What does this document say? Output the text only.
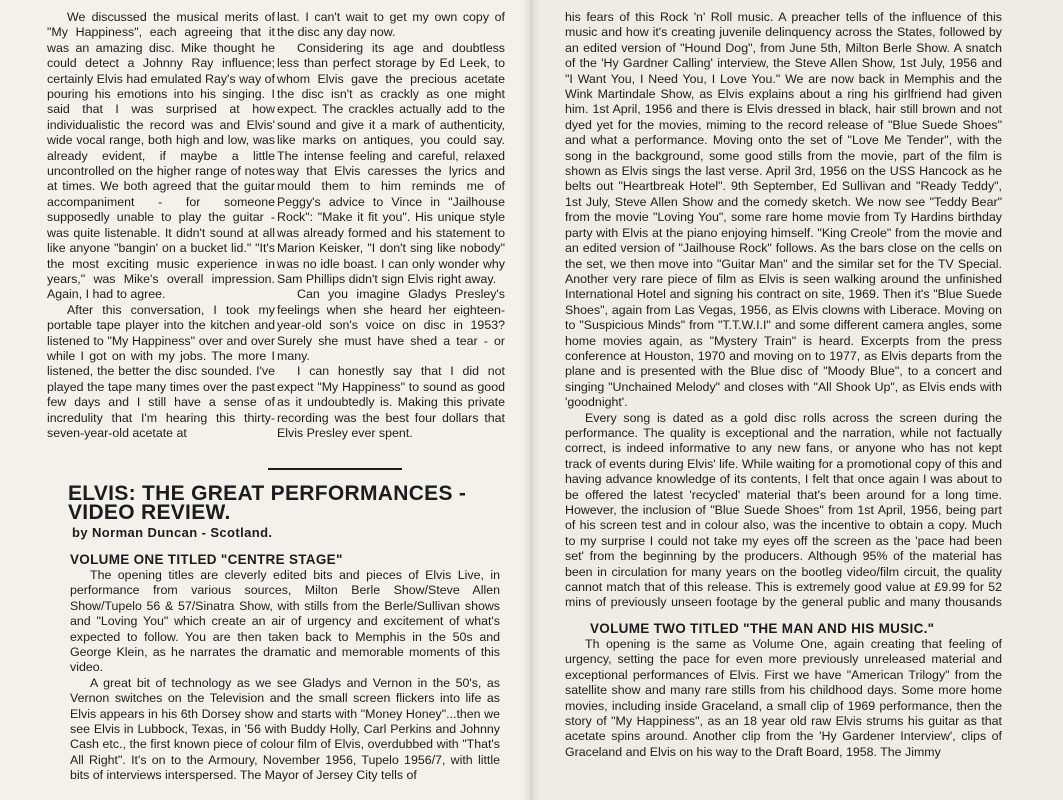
We discussed the musical merits of "My Happiness", each agreeing that it was an amazing disc. Mike thought he could detect a Johnny Ray influence; certainly Elvis had emulated Ray's way of pouring his emotions into his singing. I said that I was surprised at how individualistic the record was and Elvis' wide vocal range, both high and low, was already evident, if maybe a little uncontrolled on the higher range of notes at times. We both agreed that the guitar accompaniment - for someone supposedly unable to play the guitar - was quite listenable. It didn't sound at all like anyone "bangin' on a bucket lid." "It's the most exciting music experience in years," was Mike's overall impression. Again, I had to agree.

After this conversation, I took my portable tape player into the kitchen and listened to "My Happiness" over and over while I got on with my jobs. The more I listened, the better the disc sounded. I've played the tape many times over the past few days and I still have a sense of incredulity that I'm hearing this thirty-seven-year-old acetate at

last. I can't wait to get my own copy of the disc any day now.

Considering its age and doubtless less than perfect storage by Ed Leek, to whom Elvis gave the precious acetate the disc isn't as crackly as one might expect. The crackles actually add to the sound and give it a mark of authenticity, like marks on antiques, you could say. The intense feeling and careful, relaxed way that Elvis caresses the lyrics and mould them to him reminds me of Peggy's advice to Vince in "Jailhouse Rock": "Make it fit you". His unique style was already formed and his statement to Marion Keisker, "I don't sing like nobody" was no idle boast. I can only wonder why Sam Phillips didn't sign Elvis right away.

Can you imagine Gladys Presley's feelings when she heard her eighteen-year-old son's voice on disc in 1953? Surely she must have shed a tear - or many.

I can honestly say that I did not expect "My Happiness" to sound as good as it undoubtedly is. Making this private recording was the best four dollars that Elvis Presley ever spent.

ELVIS: THE GREAT PERFORMANCES - VIDEO REVIEW.
by Norman Duncan - Scotland.
VOLUME ONE TITLED "CENTRE STAGE"

The opening titles are cleverly edited bits and pieces of Elvis Live, in performance from various sources, Milton Berle Show/Steve Allen Show/Tupelo 56 & 57/Sinatra Show, with stills from the Berle/Sullivan shows and "Loving You" which create an air of urgency and excitement of what's expected to follow. You are then taken back to Memphis in the 50s and George Klein, as he narrates the dramatic and memorable moments of this video.

A great bit of technology as we see Gladys and Vernon in the 50's, as Vernon switches on the Television and the small screen flickers into life as Elvis appears in his 6th Dorsey show and starts with "Money Honey"...then we see Elvis in Lubbock, Texas, in '56 with Buddy Holly, Carl Perkins and Johnny Cash etc., the first known piece of colour film of Elvis, overdubbed with "That's All Right". It's on to the Armoury, November 1956, Tupelo 1956/7, with little bits of interviews interspersed. The Mayor of Jersey City tells of

his fears of this Rock 'n' Roll music. A preacher tells of the influence of this music and how it's creating juvenile delinquency across the States, followed by an edited version of "Hound Dog", from June 5th, Milton Berle Show. A snatch of the 'Hy Gardner Calling' interview, the Steve Allen Show, 1st July, 1956 and "I Want You, I Need You, I Love You." We are now back in Memphis and the Wink Martindale Show, as Elvis explains about a ring his girlfriend had given him. 1st April, 1956 and there is Elvis dressed in black, hair still brown and not dyed yet for the movies, miming to the record release of "Blue Suede Shoes" and what a performance. Moving onto the set of "Love Me Tender", with the song in the background, some good stills from the movie, part of the film is shown as Elvis sings the last verse. April 3rd, 1956 on the USS Hancock as he belts out "Heartbreak Hotel". 9th September, Ed Sullivan and "Ready Teddy", 1st July, Steve Allen Show and the comedy sketch. We now see "Teddy Bear" from the movie "Loving You", some rare home movie from Ty Hardins birthday party with Elvis at the piano enjoying himself. "King Creole" from the movie and an edited version of "Jailhouse Rock" follows. As the bars close on the cells on the set, we then move into "Guitar Man" and the similar set for the TV Special. Another very rare piece of film as Elvis is seen walking around the unfinished International Hotel and signing his contract on site, 1969. Then it's "Blue Suede Shoes", again from Las Vegas, 1956, as Elvis clowns with Liberace. Moving on to "Suspicious Minds" from "T.T.W.I.I" and some different camera angles, some home movies again, as "Mystery Train" is heard. Excerpts from the press conference at Houston, 1970 and moving on to 1977, as Elvis departs from the plane and is presented with the Blue disc of "Moody Blue", to a concert and singing "Unchained Melody" and closes with "All Shook Up", as Elvis ends with 'goodnight'.

Every song is dated as a gold disc rolls across the screen during the performance. The quality is exceptional and the narration, while not factually correct, is indeed informative to any new fans, or anyone who has not kept track of events during Elvis' life. While waiting for a promotional copy of this and having advance knowledge of its contents, I felt that once again I was about to be offered the latest 'recycled' material that's been around for a long time. However, the inclusion of "Blue Suede Shoes" from 1st April, 1956, being part of his screen test and in colour also, was the incentive to obtain a copy. Much to my surprise I could not take my eyes off the screen as the 'pace had been set' from the beginning by the producers. Although 95% of the material has been in circulation for many years on the bootleg video/film circuit, the quality cannot match that of this release. This is extremely good value at £9.99 for 52 mins of previously unseen footage by the general public and many thousands

VOLUME TWO TITLED "THE MAN AND HIS MUSIC."

Th opening is the same as Volume One, again creating that feeling of urgency, setting the pace for even more previously unreleased material and exceptional performances of Elvis. First we have "American Trilogy" from the satellite show and many rare stills from his childhood days. Some more home movies, including inside Graceland, a small clip of 1969 performance, then the story of "My Happiness", as an 18 year old raw Elvis strums his guitar as that acetate spins around. Another clip from the 'Hy Gardener Interview', clips of Graceland and Elvis on his way to the Draft Board, 1958. The Jimmy
